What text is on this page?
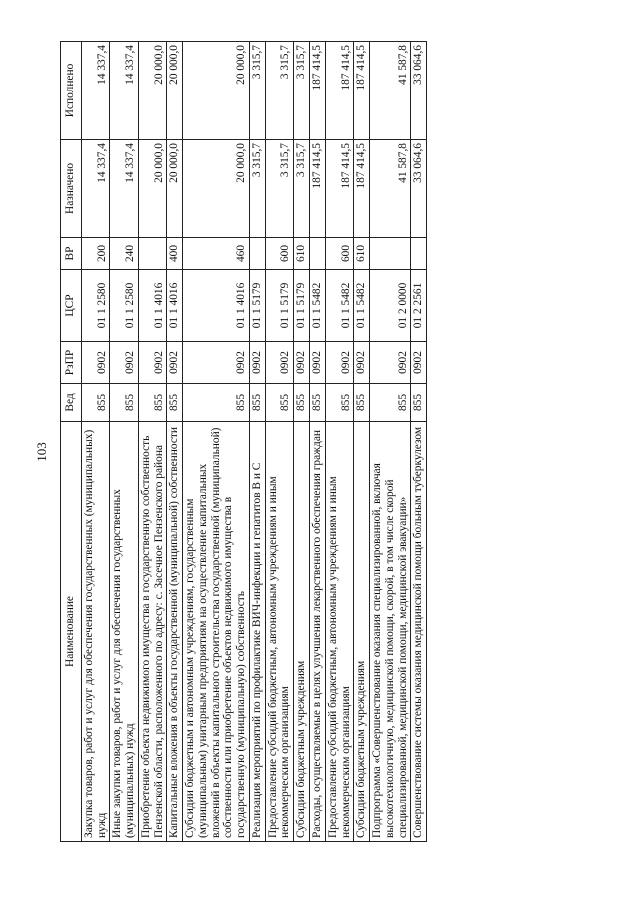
103
Наименование	Вед	РзПР	ЦСР	ВР	Назначено	Исполнено
Закупка товаров, работ и услуг для обеспечения государственных (муниципальных) нужд	855	0902	01 1 2580	200	14 337,4	14 337,4
Иные закупки товаров, работ и услуг для обеспечения государственных (муниципальных) нужд	855	0902	01 1 2580	240	14 337,4	14 337,4
Приобретение объекта недвижимого имущества в государственную собственность Пензенской области, расположенного по адресу: с. Засечное Пензенского района	855	0902	01 1 4016		20 000,0	20 000,0
Капитальные вложения в объекты государственной (муниципальной) собственности	855	0902	01 1 4016	400	20 000,0	20 000,0
Субсидии бюджетным и автономным учреждениям, государственным (муниципальным) унитарным предприятиям на осуществление капитальных вложений в объекты капитального строительства государственной (муниципальной) собственности или приобретение объектов недвижимого имущества в государственную (муниципальную) собственность	855	0902	01 1 4016	460	20 000,0	20 000,0
Реализация мероприятий по профилактике ВИЧ-инфекции и гепатитов В и С	855	0902	01 1 5179		3 315,7	3 315,7
Предоставление субсидий бюджетным, автономным учреждениям и иным некоммерческим организациям	855	0902	01 1 5179	600	3 315,7	3 315,7
Субсидии бюджетным учреждениям	855	0902	01 1 5179	610	3 315,7	3 315,7
Расходы, осуществляемые в целях улучшения лекарственного обеспечения граждан	855	0902	01 1 5482		187 414,5	187 414,5
Предоставление субсидий бюджетным, автономным учреждениям и иным некоммерческим организациям	855	0902	01 1 5482	600	187 414,5	187 414,5
Субсидии бюджетным учреждениям	855	0902	01 1 5482	610	187 414,5	187 414,5
Подпрограмма «Совершенствование оказания специализированной, включая высокотехнологичную, медицинской помощи, скорой, в том числе скорой специализированной, медицинской помощи, медицинской эвакуации»	855	0902	01 2 0000		41 587,8	41 587,8
Совершенствование системы оказания медицинской помощи больным туберкулезом	855	0902	01 2 2561		33 064,6	33 064,6
